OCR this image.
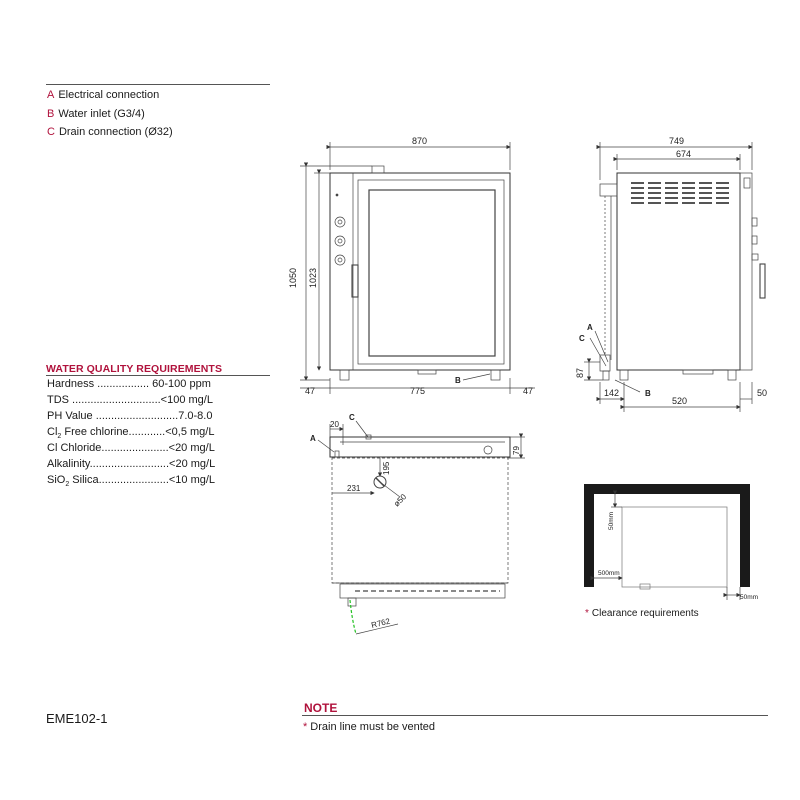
A Electrical connection
B Water inlet (G3/4)
C Drain connection (Ø32)
WATER QUALITY REQUIREMENTS
Hardness ................. 60-100 ppm
TDS .............................<100 mg/L
PH Value ...........................7.0-8.0
$Cl_2$ Free chlorine............<0,5 mg/L
Cl Chloride......................<20 mg/L
Alkalinity..........................<20 mg/L
SiO$_2$ Silica.......................<10 mg/L
EME102-1
NOTE
* Drain line must be vented
* Clearance requirements
870
1050 1023
47	775	47
B
749
674
A
C
B
87
142
520
50
A
C
20
79
195
231
ø50
R762
50mm
500mm
50mm
